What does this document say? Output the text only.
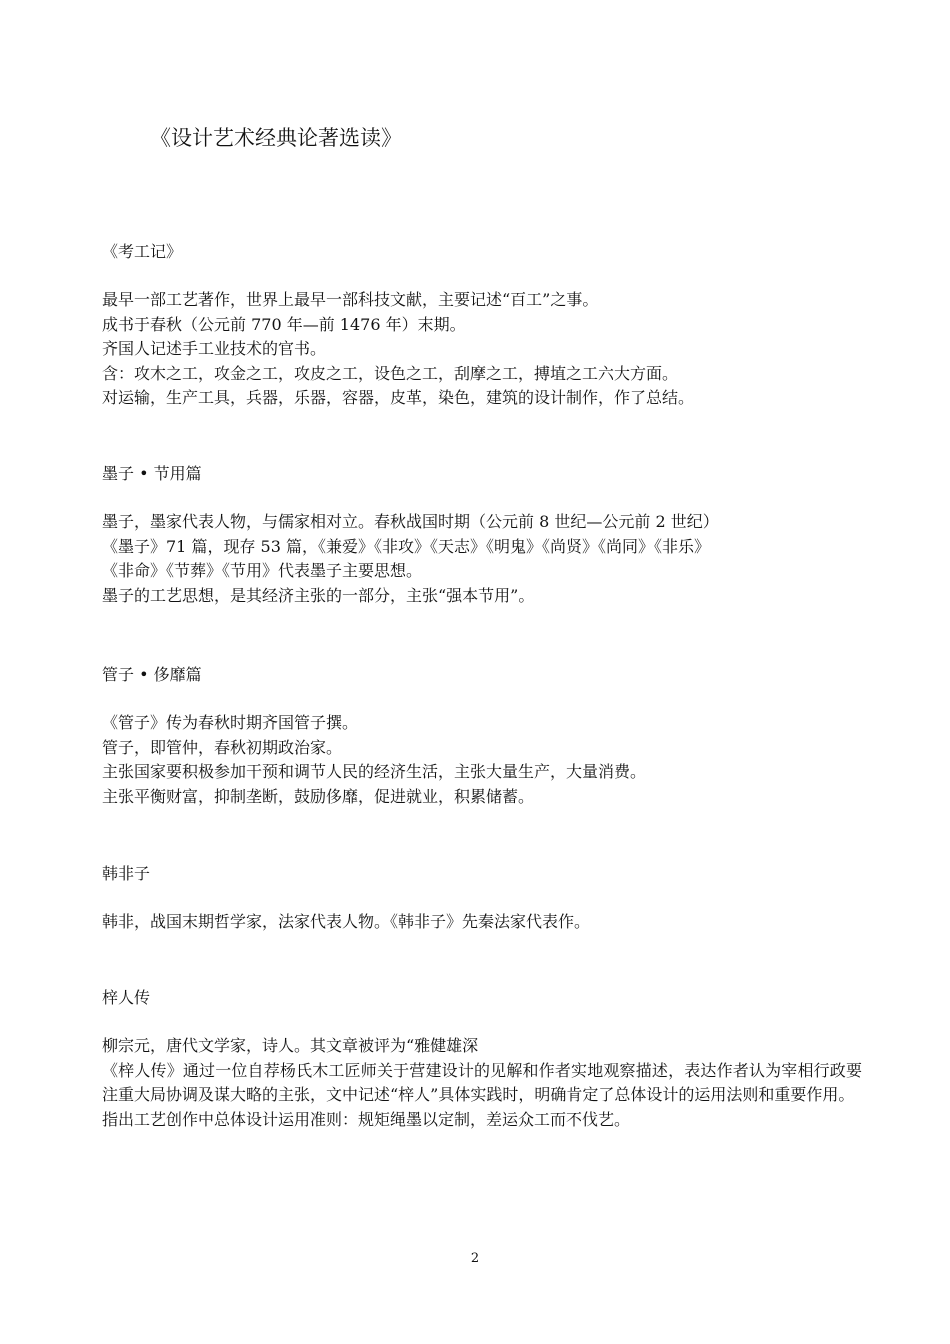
《设计艺术经典论著选读》

《考工记》

最早一部工艺著作，世界上最早一部科技文献，主要记述“百工”之事。

成书于春秋（公元前 770 年—前 1476 年）末期。

齐国人记述手工业技术的官书。

含：攻木之工，攻金之工，攻皮之工，设色之工，刮摩之工，搏埴之工六大方面。

对运输，生产工具，兵器，乐器，容器，皮革，染色，建筑的设计制作，作了总结。

墨子 • 节用篇

墨子，墨家代表人物，与儒家相对立。春秋战国时期（公元前 8 世纪—公元前 2 世纪）

《墨子》71 篇，现存 53 篇，《兼爱》《非攻》《天志》《明鬼》《尚贤》《尚同》《非乐》

《非命》《节葬》《节用》代表墨子主要思想。

墨子的工艺思想，是其经济主张的一部分，主张“强本节用”。

管子 • 侈靡篇

《管子》传为春秋时期齐国管子撰。

管子，即管仲，春秋初期政治家。

主张国家要积极参加干预和调节人民的经济生活，主张大量生产，大量消费。

主张平衡财富，抑制垄断，鼓励侈靡，促进就业，积累储蓄。

韩非子

韩非，战国末期哲学家，法家代表人物。《韩非子》先秦法家代表作。

梓人传

柳宗元，唐代文学家，诗人。其文章被评为“雅健雄深

《梓人传》通过一位自荐杨氏木工匠师关于营建设计的见解和作者实地观察描述，表达作者认为宰相行政要注重大局协调及谋大略的主张，文中记述“梓人”具体实践时，明确肯定了总体设计的运用法则和重要作用。

指出工艺创作中总体设计运用准则：规矩绳墨以定制，差运众工而不伐艺。

2
